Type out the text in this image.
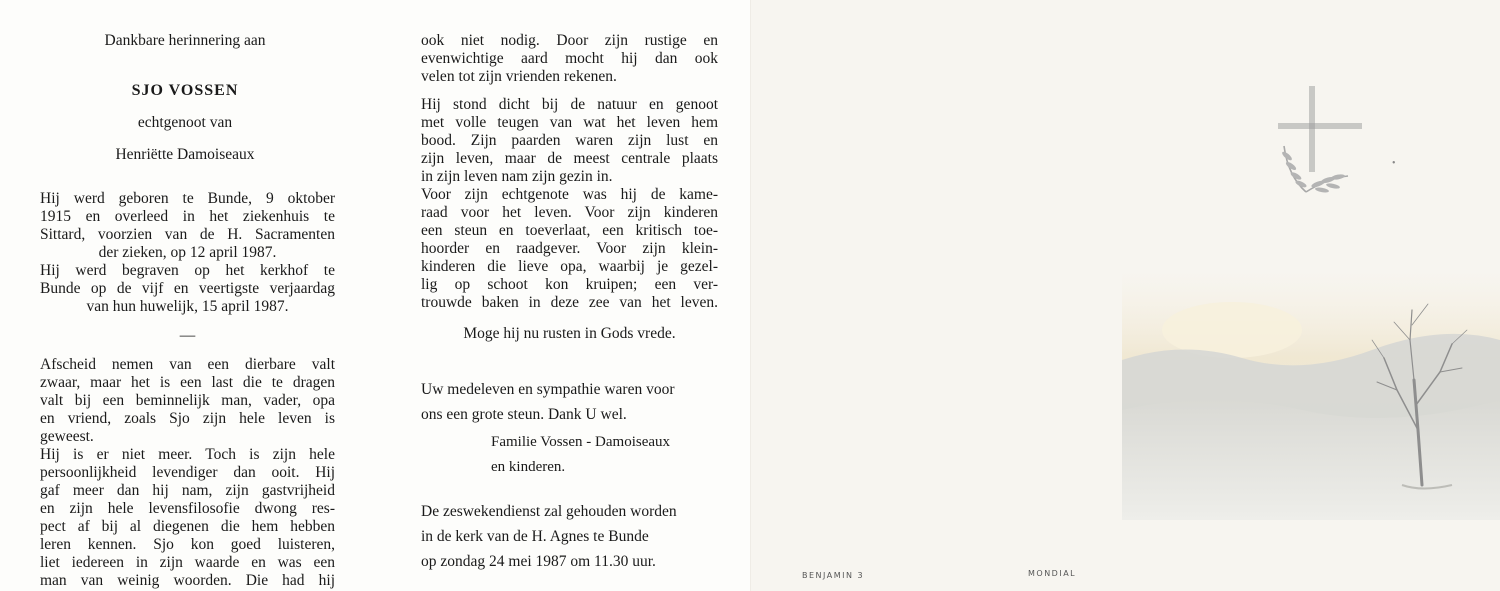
Dankbare herinnering aan

SJO VOSSEN

echtgenoot van

Henriëtte Damoiseaux

Hij werd geboren te Bunde, 9 oktober

1915 en overleed in het ziekenhuis te

Sittard, voorzien van de H. Sacramenten

der zieken, op 12 april 1987.

Hij werd begraven op het kerkhof te

Bunde op de vijf en veertigste verjaardag

van hun huwelijk, 15 april 1987.

—

Afscheid nemen van een dierbare valt

zwaar, maar het is een last die te dragen

valt bij een beminnelijk man, vader, opa

en vriend, zoals Sjo zijn hele leven is

geweest.

Hij is er niet meer. Toch is zijn hele

persoonlijkheid levendiger dan ooit. Hij

gaf meer dan hij nam, zijn gastvrijheid

en zijn hele levensfilosofie dwong res-

pect af bij al diegenen die hem hebben

leren kennen. Sjo kon goed luisteren,

liet iedereen in zijn waarde en was een

man van weinig woorden. Die had hij

ook niet nodig. Door zijn rustige en

evenwichtige aard mocht hij dan ook

velen tot zijn vrienden rekenen.

Hij stond dicht bij de natuur en genoot

met volle teugen van wat het leven hem

bood. Zijn paarden waren zijn lust en

zijn leven, maar de meest centrale plaats

in zijn leven nam zijn gezin in.

Voor zijn echtgenote was hij de kame-

raad voor het leven. Voor zijn kinderen

een steun en toeverlaat, een kritisch toe-

hoorder en raadgever. Voor zijn klein-

kinderen die lieve opa, waarbij je gezel-

lig op schoot kon kruipen; een ver-

trouwde baken in deze zee van het leven.

Moge hij nu rusten in Gods vrede.

Uw medeleven en sympathie waren voor

ons een grote steun. Dank U wel.

Familie Vossen - Damoiseaux

en kinderen.

De zeswekendienst zal gehouden worden

in de kerk van de H. Agnes te Bunde

op zondag 24 mei 1987 om 11.30 uur.

•
BENJAMIN 3	MONDIAL
